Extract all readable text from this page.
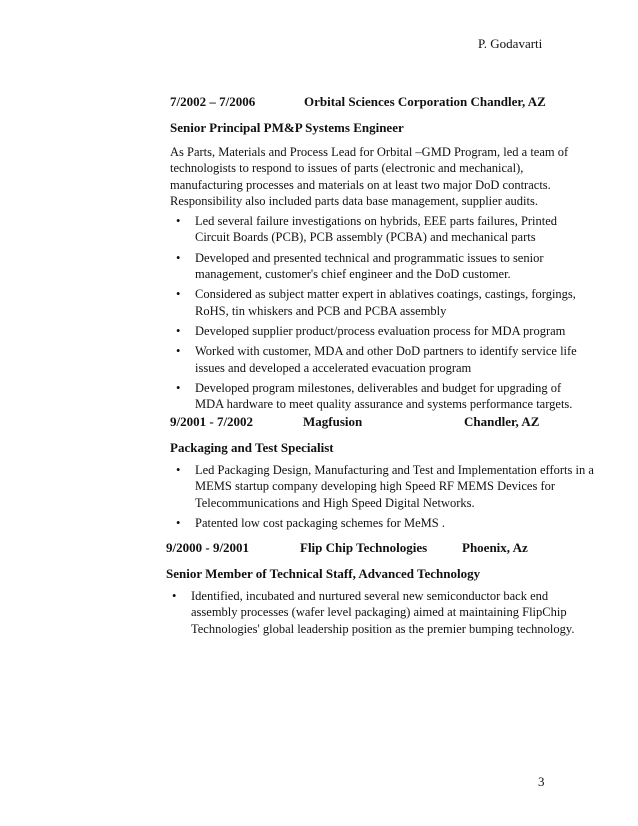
P. Godavarti
7/2002 – 7/2006	Orbital Sciences Corporation Chandler, AZ
Senior Principal PM&P Systems Engineer
As Parts, Materials and Process Lead for Orbital –GMD Program, led a team of technologists to respond to issues of parts (electronic and mechanical), manufacturing processes and materials on at least two major DoD contracts. Responsibility also included parts data base management, supplier audits.
• Led several failure investigations on hybrids, EEE parts failures, Printed Circuit Boards (PCB), PCB assembly (PCBA) and mechanical parts
• Developed and presented technical and programmatic issues to senior management, customer's chief engineer and the DoD customer.
• Considered as subject matter expert in ablatives coatings, castings, forgings, RoHS, tin whiskers and PCB and PCBA assembly
• Developed supplier product/process evaluation process for MDA program
• Worked with customer, MDA and other DoD partners to identify service life issues and developed a accelerated evacuation program
• Developed program milestones, deliverables and budget for upgrading of MDA hardware to meet quality assurance and systems performance targets.
9/2001 - 7/2002	Magfusion	Chandler, AZ
Packaging and Test Specialist
• Led Packaging Design, Manufacturing and Test and Implementation efforts in a MEMS startup company developing high Speed RF MEMS Devices for Telecommunications and High Speed Digital Networks.
• Patented low cost packaging schemes for MeMS .
9/2000 - 9/2001	Flip Chip Technologies	Phoenix, Az
Senior Member of Technical Staff, Advanced Technology
• Identified, incubated and nurtured several new semiconductor back end assembly processes (wafer level packaging) aimed at maintaining FlipChip Technologies' global leadership position as the premier bumping technology.
3
